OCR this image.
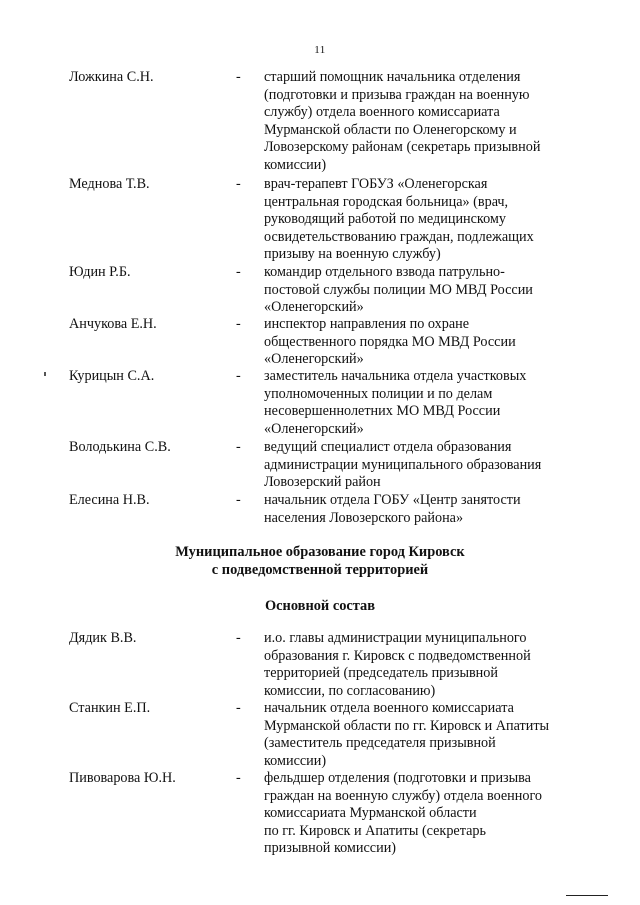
11
Ложкина С.Н.	- старший помощник начальника отделения
(подготовки и призыва граждан на военную
службу) отдела военного комиссариата
Мурманской области по Оленегорскому и
Ловозерскому районам (секретарь призывной
комиссии)
Меднова Т.В.	- врач-терапевт ГОБУЗ «Оленегорская
центральная городская больница» (врач,
руководящий работой по медицинскому
освидетельствованию граждан, подлежащих
призыву на военную службу)
Юдин Р.Б.	- командир отдельного взвода патрульно-
постовой службы полиции МО МВД России
«Оленегорский»
Анчукова Е.Н.	- инспектор направления по охране
общественного порядка МО МВД России
«Оленегорский»
Курицын С.А.	- заместитель начальника отдела участковых
уполномоченных полиции и по делам
несовершеннолетних МО МВД России
«Оленегорский»
Володькина С.В.	- ведущий специалист отдела образования
администрации муниципального образования
Ловозерский район
Елесина Н.В.	- начальник отдела ГОБУ «Центр занятости
населения Ловозерского района»
Муниципальное образование город Кировск
с подведомственной территорией
Основной состав
Дядик В.В.	- и.о. главы администрации муниципального
образования г. Кировск с подведомственной
территорией (председатель призывной
комиссии, по согласованию)
Станкин Е.П.	- начальник отдела военного комиссариата
Мурманской области по гг. Кировск и Апатиты
(заместитель председателя призывной
комиссии)
Пивоварова Ю.Н.	- фельдшер отделения (подготовки и призыва
граждан на военную службу) отдела военного
комиссариата Мурманской области
по гг. Кировск и Апатиты (секретарь
призывной комиссии)
